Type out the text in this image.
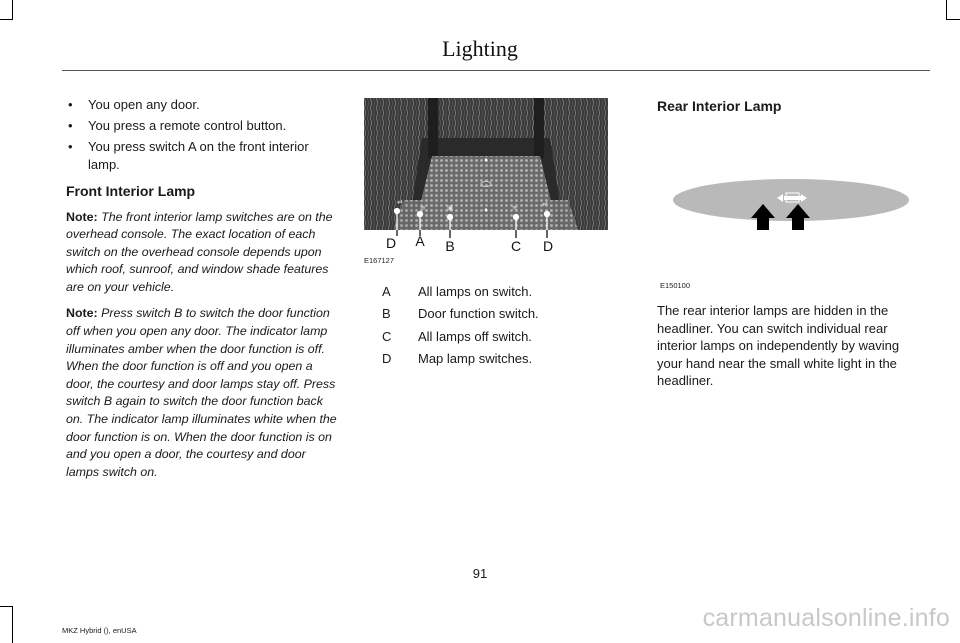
Lighting
• You open any door.
• You press a remote control button.
• You press switch A on the front interior lamp.
Front Interior Lamp

Note: The front interior lamp switches are on the overhead console. The exact location of each switch on the overhead console depends upon which roof, sunroof, and window shade features are on your vehicle.

Note: Press switch B to switch the door function off when you open any door. The indicator lamp illuminates amber when the door function is off. When the door function is off and you open a door, the courtesy and door lamps stay off. Press switch B again to switch the door function back on. The indicator lamp illuminates white when the door function is on. When the door function is on and you open a door, the courtesy and door lamps switch on.

♦
♦
⇌
≋	▣	≋
⇌
D A B	C D
E167127
A	All lamps on switch.
B	Door function switch.
C	All lamps off switch.
D	Map lamp switches.
Rear Interior Lamp
E150100

The rear interior lamps are hidden in the headliner. You can switch individual rear interior lamps on independently by waving your hand near the small white light in the headliner.

91
MKZ Hybrid (), enUSA	carmanualsonline.info
